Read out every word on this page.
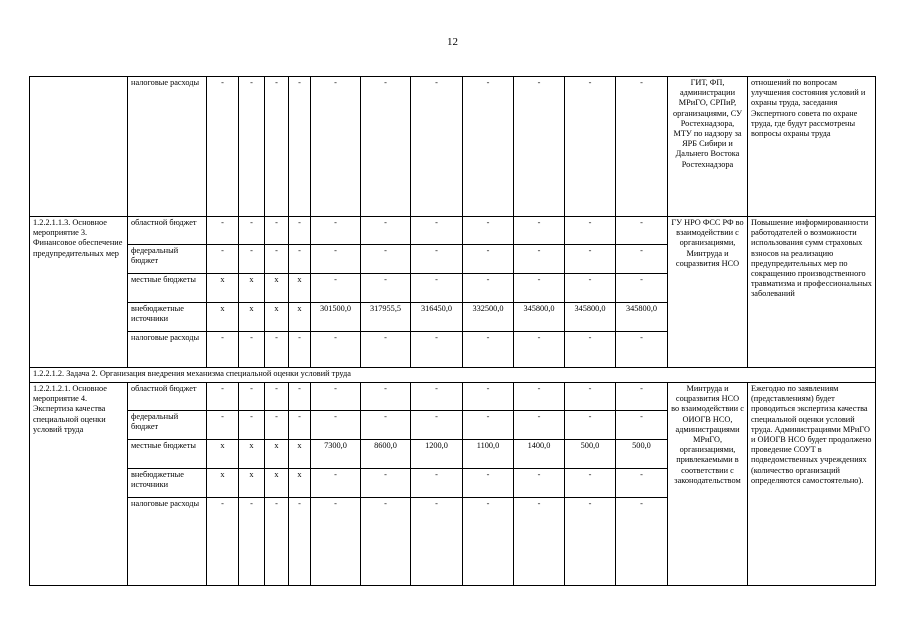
12
	налоговые расходы	-	-	-	-	-	-	-	-	-	-	-	ГИТ, ФП, администрации МРиГО, СРПиР, организациями, СУ Ростехнадзора, МТУ по надзору за ЯРБ Сибири и Дальнего Востока Ростехнадзора	отношений по вопросам улучшения состояния условий и охраны труда, заседания Экспертного совета по охране труда, где будут рассмотрены вопросы охраны труда
1.2.2.1.1.3. Основное мероприятие 3. Финансовое обеспечение предупредительных мер	областной бюджет	-	-	-	-	-	-	-	-	-	-	-	ГУ НРО ФСС РФ во взаимодействии с организациями, Минтруда и соцразвития НСО	Повышение информированности работодателей о возможности использования сумм страховых взносов на реализацию предупредительных мер по сокращению производственного травматизма и профессиональных заболеваний
	федеральный бюджет	-	-	-	-	-	-	-	-	-	-	-		
	местные бюджеты	х	х	х	х	-	-	-	-	-	-	-		
	внебюджетные источники	х	х	х	х	301500,0	317955,5	316450,0	332500,0	345800,0	345800,0	345800,0		
	налоговые расходы	-	-	-	-	-	-	-	-	-	-	-		
1.2.2.1.2. Задача 2. Организация внедрения механизма специальной оценки условий труда														
1.2.2.1.2.1. Основное мероприятие 4. Экспертиза качества специальной оценки условий труда	областной бюджет	-	-	-	-	-	-	-	-	-	-	-	Минтруда и соцразвития НСО во взаимодействии с ОИОГВ НСО, администрациями МРиГО, организациями, привлекаемыми в соответствии с законодательством	Ежегодно по заявлениям (представлениям) будет проводиться экспертиза качества специальной оценки условий труда. Администрациями МРиГО и ОИОГВ НСО будет продолжено проведение СОУТ в подведомственных учреждениях (количество организаций определяются самостоятельно).
	федеральный бюджет	-	-	-	-	-	-	-	-	-	-	-		
	местные бюджеты	х	х	х	х	7300,0	8600,0	1200,0	1100,0	1400,0	500,0	500,0		
	внебюджетные источники	х	х	х	х	-	-	-	-	-	-	-		
	налоговые расходы	-	-	-	-	-	-	-	-	-	-	-		
